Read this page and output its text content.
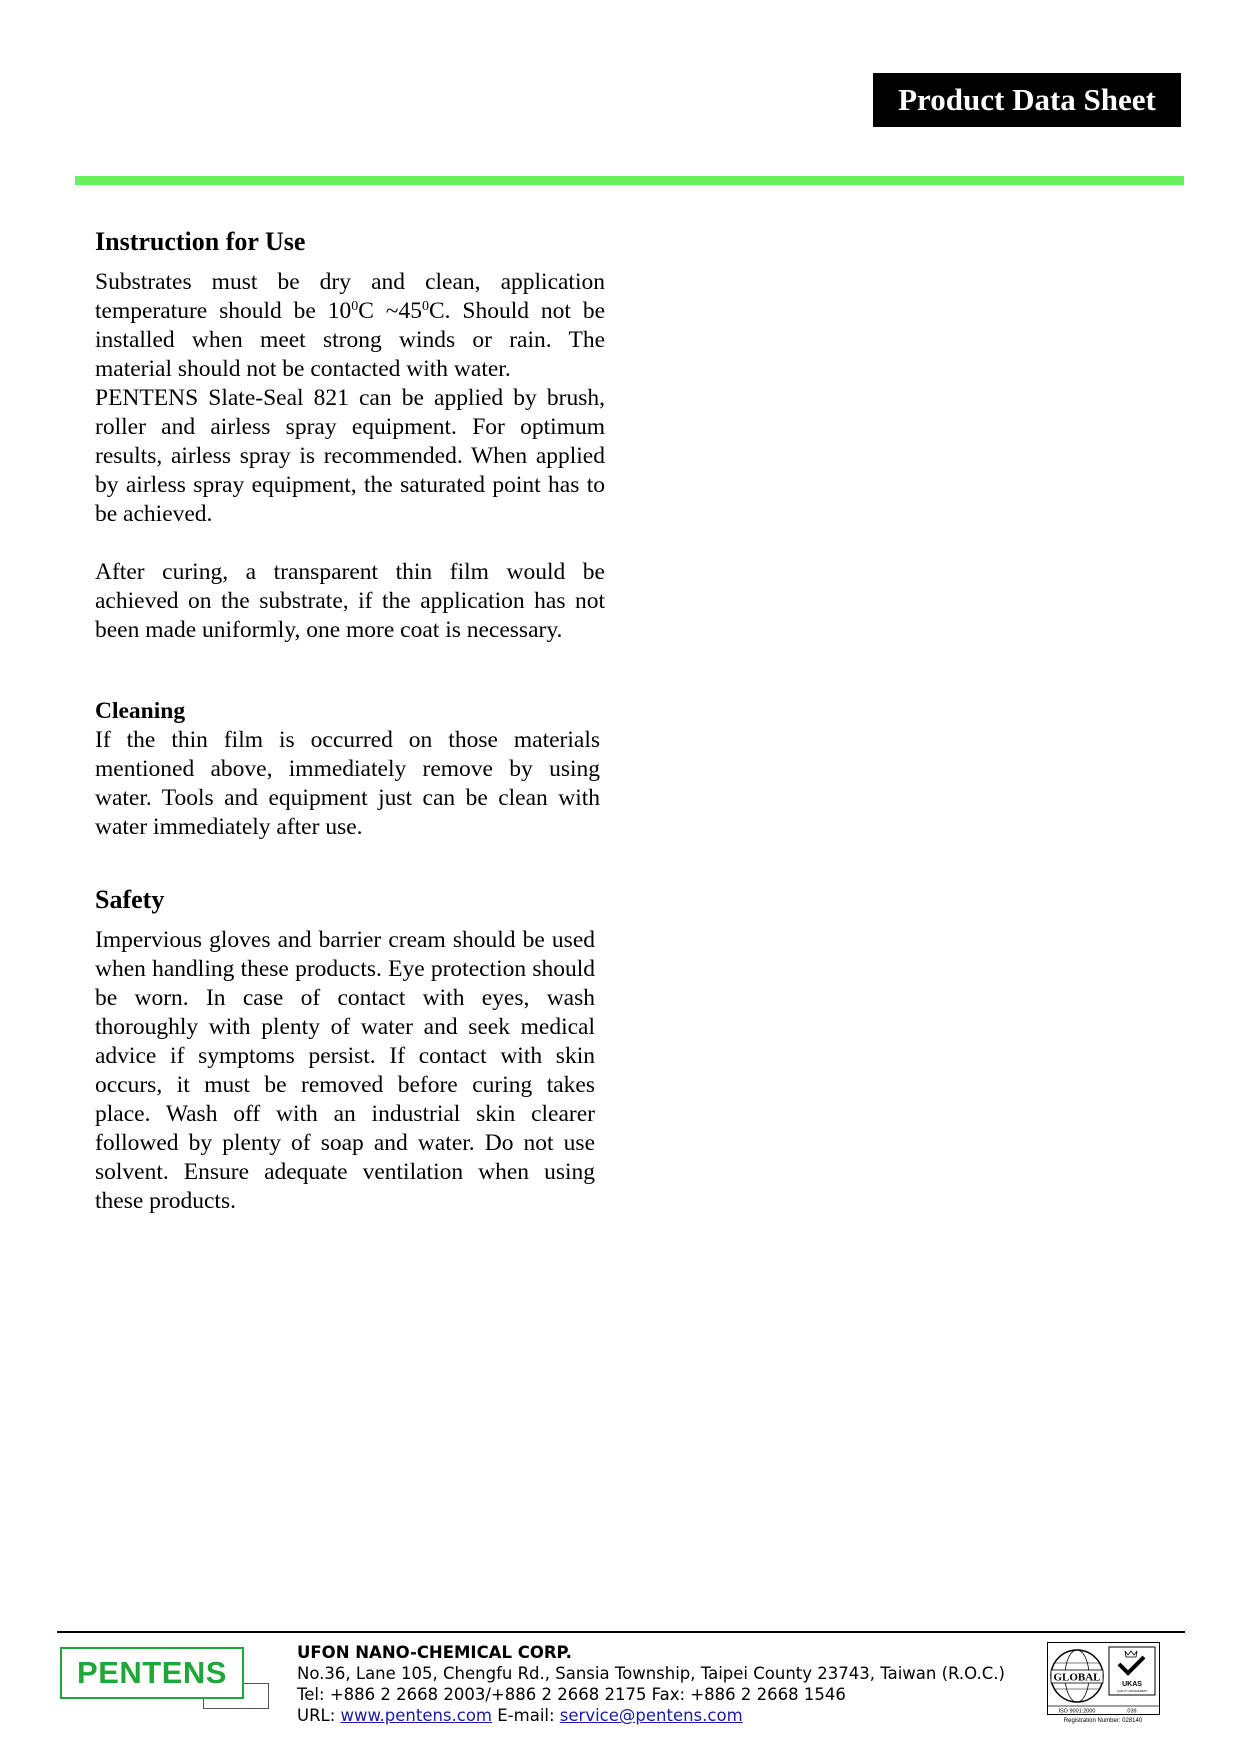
Product Data Sheet
Instruction for Use

Substrates must be dry and clean, application temperature should be $10^0C$ $\sim 45^0C$. Should not be installed when meet strong winds or rain. The material should not be contacted with water.

PENTENS Slate-Seal 821 can be applied by brush, roller and airless spray equipment. For optimum results, airless spray is recommended. When applied by airless spray equipment, the saturated point has to be achieved.

After curing, a transparent thin film would be achieved on the substrate, if the application has not been made uniformly, one more coat is necessary.

Cleaning

If the thin film is occurred on those materials mentioned above, immediately remove by using water. Tools and equipment just can be clean with water immediately after use.

Safety

Impervious gloves and barrier cream should be used when handling these products. Eye protection should be worn. In case of contact with eyes, wash thoroughly with plenty of water and seek medical advice if symptoms persist. If contact with skin occurs, it must be removed before curing takes place. Wash off with an industrial skin clearer followed by plenty of soap and water. Do not use solvent. Ensure adequate ventilation when using these products.

PENTENS
UFON NANO-CHEMICAL CORP.
No.36, Lane 105, Chengfu Rd., Sansia Township, Taipei County 23743, Taiwan (R.O.C.)
Tel: +886 2 2668 2003/+886 2 2668 2175 Fax: +886 2 2668 1546
URL: www.pentens.com E-mail: service@pentens.com
GLOBAL
UKAS
QUALITY MANAGEMENT
ISO 9001:2000	039
Registration Number: 028140
